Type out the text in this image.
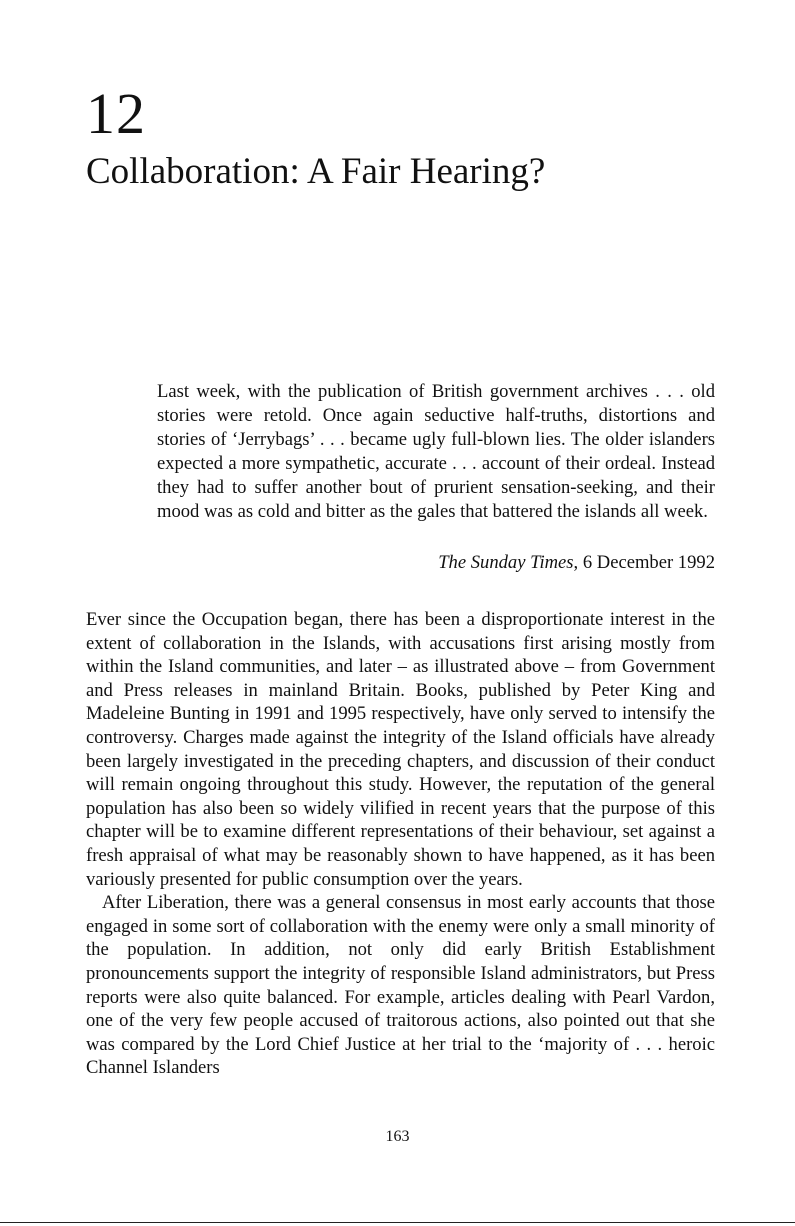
12
Collaboration: A Fair Hearing?

Last week, with the publication of British government archives . . . old stories were retold. Once again seductive half-truths, distortions and stories of ‘Jerrybags’ . . . became ugly full-blown lies. The older islanders expected a more sympathetic, accurate . . . account of their ordeal. Instead they had to suffer another bout of prurient sensation-seeking, and their mood was as cold and bitter as the gales that battered the islands all week.

The Sunday Times, 6 December 1992

Ever since the Occupation began, there has been a disproportionate interest in the extent of collaboration in the Islands, with accusations first arising mostly from within the Island communities, and later – as illustrated above – from Government and Press releases in mainland Britain. Books, published by Peter King and Madeleine Bunting in 1991 and 1995 respectively, have only served to intensify the controversy. Charges made against the integrity of the Island officials have already been largely investigated in the preceding chapters, and discussion of their conduct will remain ongoing throughout this study. However, the reputation of the general population has also been so widely vilified in recent years that the purpose of this chapter will be to examine different representations of their behaviour, set against a fresh appraisal of what may be reasonably shown to have happened, as it has been variously presented for public consumption over the years.

After Liberation, there was a general consensus in most early accounts that those engaged in some sort of collaboration with the enemy were only a small minority of the population. In addition, not only did early British Establishment pronouncements support the integrity of responsible Island administrators, but Press reports were also quite balanced. For example, articles dealing with Pearl Vardon, one of the very few people accused of traitorous actions, also pointed out that she was compared by the Lord Chief Justice at her trial to the ‘majority of . . . heroic Channel Islanders

163
